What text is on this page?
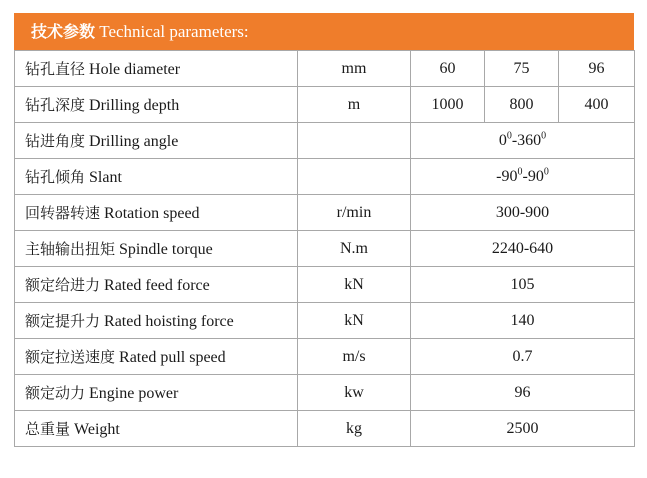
技术参数 Technical parameters:
钻孔直径 Hole diameter	mm	60	75	96
钻孔深度 Drilling depth	m	1000	800	400
钻进角度 Drilling angle		$0^0-360^0$
钻孔倾角 Slant		$-90^0-90^0$
回转器转速 Rotation speed	r/min	300-900		
主轴输出扭矩 Spindle torque	N.m	2240-640		
额定给进力 Rated feed force	kN	105		
额定提升力 Rated hoisting force	kN	140		
额定拉送速度 Rated pull speed	m/s	0.7		
额定动力 Engine power	kw	96		
总重量 Weight	kg	2500		
